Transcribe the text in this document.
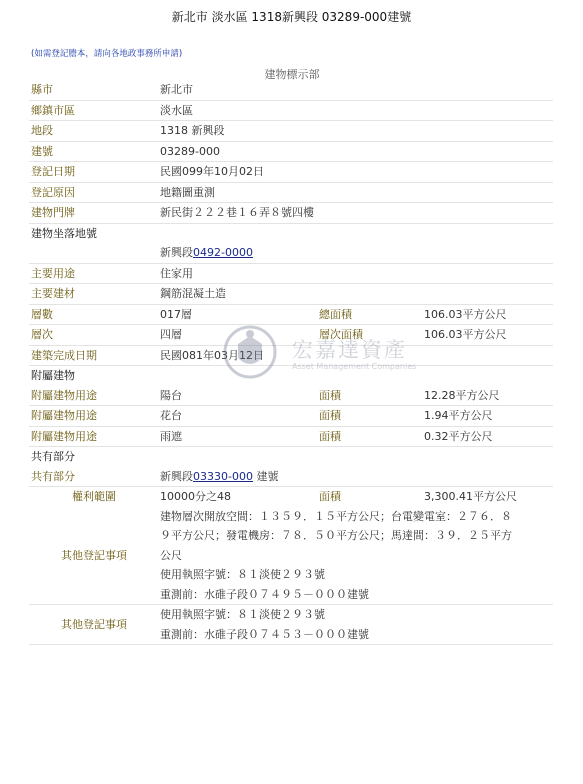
新北市 淡水區 1318新興段 03289-000建號
(如需登記謄本，請向各地政事務所申請)
建物標示部
縣市	新北市
鄉鎮市區	淡水區
地段	1318 新興段
建號	03289-000
登記日期	民國099年10月02日
登記原因	地籍圖重測
建物門牌	新民街２２２巷１６弄８號四樓
建物坐落地號
新興段0492-0000
主要用途	住家用
主要建材	鋼筋混凝土造
層數	017層	總面積	106.03平方公尺
層次	四層	層次面積	106.03平方公尺
建築完成日期	民國081年03月12日
附屬建物
附屬建物用途	陽台	面積	12.28平方公尺
附屬建物用途	花台	面積	1.94平方公尺
附屬建物用途	雨遮	面積	0.32平方公尺
共有部分
共有部分	新興段03330-000 建號
權利範圍	10000分之48	面積	3,300.41平方公尺
其他登記事項
建物層次開放空間：１３５９．１５平方公尺；台電變電室：２７６．８
９平方公尺；發電機房：７８．５０平方公尺；馬達間：３９．２５平方
公尺
使用執照字號：８１淡使２９３號
重測前：水碓子段０７４９５－０００建號
其他登記事項
使用執照字號：８１淡使２９３號
重測前：水碓子段０７４５３－０００建號
宏嘉達資產
Asset Management Companies
